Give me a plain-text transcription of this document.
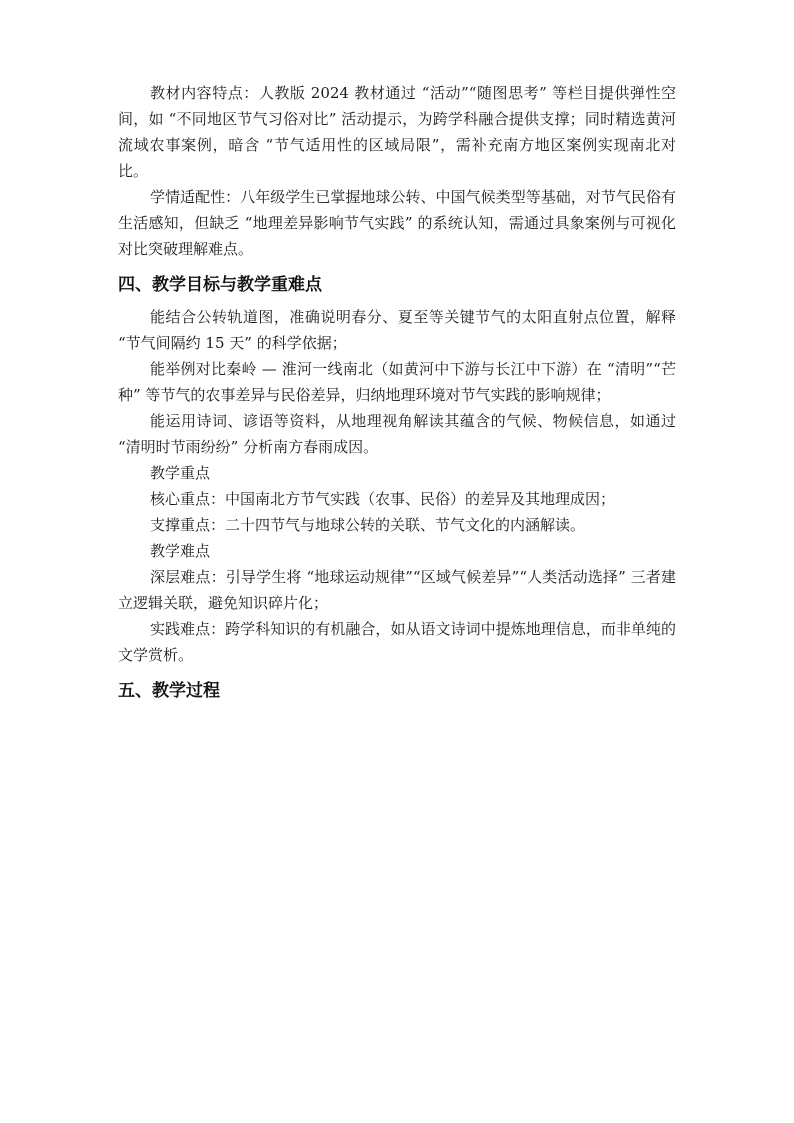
教材内容特点：人教版 2024 教材通过 “活动”“随图思考” 等栏目提供弹性空间，如 “不同地区节气习俗对比” 活动提示，为跨学科融合提供支撑；同时精选黄河流域农事案例，暗含 “节气适用性的区域局限”，需补充南方地区案例实现南北对比。

学情适配性：八年级学生已掌握地球公转、中国气候类型等基础，对节气民俗有生活感知，但缺乏 “地理差异影响节气实践” 的系统认知，需通过具象案例与可视化对比突破理解难点。

四、教学目标与教学重难点

能结合公转轨道图，准确说明春分、夏至等关键节气的太阳直射点位置，解释 “节气间隔约 15 天” 的科学依据；

能举例对比秦岭 — 淮河一线南北（如黄河中下游与长江中下游）在 “清明”“芒种” 等节气的农事差异与民俗差异，归纳地理环境对节气实践的影响规律；

能运用诗词、谚语等资料，从地理视角解读其蕴含的气候、物候信息，如通过 “清明时节雨纷纷” 分析南方春雨成因。

教学重点

核心重点：中国南北方节气实践（农事、民俗）的差异及其地理成因；

支撑重点：二十四节气与地球公转的关联、节气文化的内涵解读。

教学难点

深层难点：引导学生将 “地球运动规律”“区域气候差异”“人类活动选择” 三者建立逻辑关联，避免知识碎片化；

实践难点：跨学科知识的有机融合，如从语文诗词中提炼地理信息，而非单纯的文学赏析。

五、教学过程
